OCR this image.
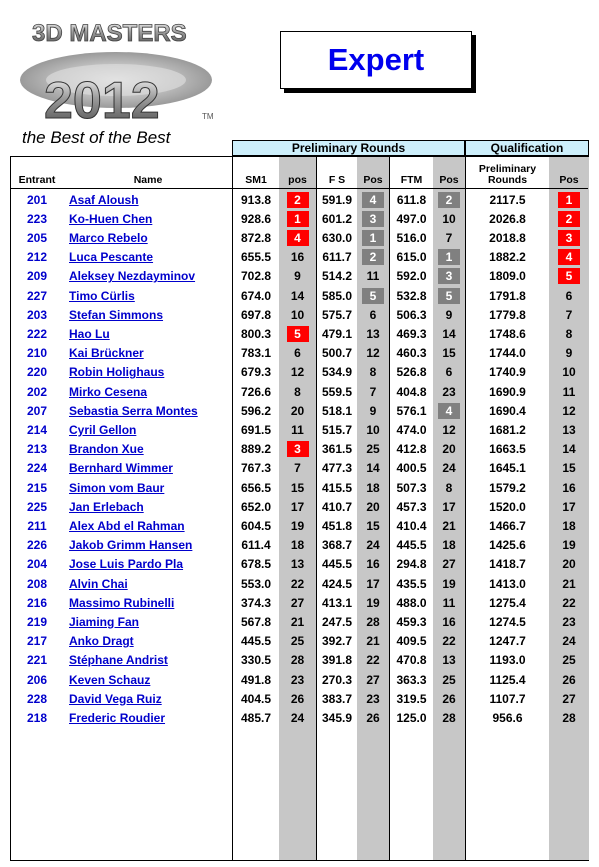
3D MASTERS
2012	TM
the Best of the Best
Expert
Preliminary Rounds	Qualification
Entrant	Name	SM1	pos	F S	Pos	FTM	Pos
Preliminary Rounds	Pos
201	Asaf Aloush	913.8	2	591.9	4	611.8	2	2117.5	1
223	Ko-Huen Chen	928.6	1	601.2	3	497.0	10	2026.8	2
205	Marco Rebelo	872.8	4	630.0	1	516.0	7	2018.8	3
212	Luca Pescante	655.5	16	611.7	2	615.0	1	1882.2	4
209	Aleksey Nezdayminov	702.8	9	514.2	11	592.0	3	1809.0	5
227	Timo Cürlis	674.0	14	585.0	5	532.8	5	1791.8	6
203	Stefan Simmons	697.8	10	575.7	6	506.3	9	1779.8	7
222	Hao Lu	800.3	5	479.1	13	469.3	14	1748.6	8
210	Kai Brückner	783.1	6	500.7	12	460.3	15	1744.0	9
220	Robin Holighaus	679.3	12	534.9	8	526.8	6	1740.9	10
202	Mirko Cesena	726.6	8	559.5	7	404.8	23	1690.9	11
207	Sebastia Serra Montes	596.2	20	518.1	9	576.1	4	1690.4	12
214	Cyril Gellon	691.5	11	515.7	10	474.0	12	1681.2	13
213	Brandon Xue	889.2	3	361.5	25	412.8	20	1663.5	14
224	Bernhard Wimmer	767.3	7	477.3	14	400.5	24	1645.1	15
215	Simon vom Baur	656.5	15	415.5	18	507.3	8	1579.2	16
225	Jan Erlebach	652.0	17	410.7	20	457.3	17	1520.0	17
211	Alex Abd el Rahman	604.5	19	451.8	15	410.4	21	1466.7	18
226	Jakob Grimm Hansen	611.4	18	368.7	24	445.5	18	1425.6	19
204	Jose Luis Pardo Pla	678.5	13	445.5	16	294.8	27	1418.7	20
208	Alvin Chai	553.0	22	424.5	17	435.5	19	1413.0	21
216	Massimo Rubinelli	374.3	27	413.1	19	488.0	11	1275.4	22
219	Jiaming Fan	567.8	21	247.5	28	459.3	16	1274.5	23
217	Anko Dragt	445.5	25	392.7	21	409.5	22	1247.7	24
221	Stéphane Andrist	330.5	28	391.8	22	470.8	13	1193.0	25
206	Keven Schauz	491.8	23	270.3	27	363.3	25	1125.4	26
228	David Vega Ruiz	404.5	26	383.7	23	319.5	26	1107.7	27
218	Frederic Roudier	485.7	24	345.9	26	125.0	28	956.6	28
